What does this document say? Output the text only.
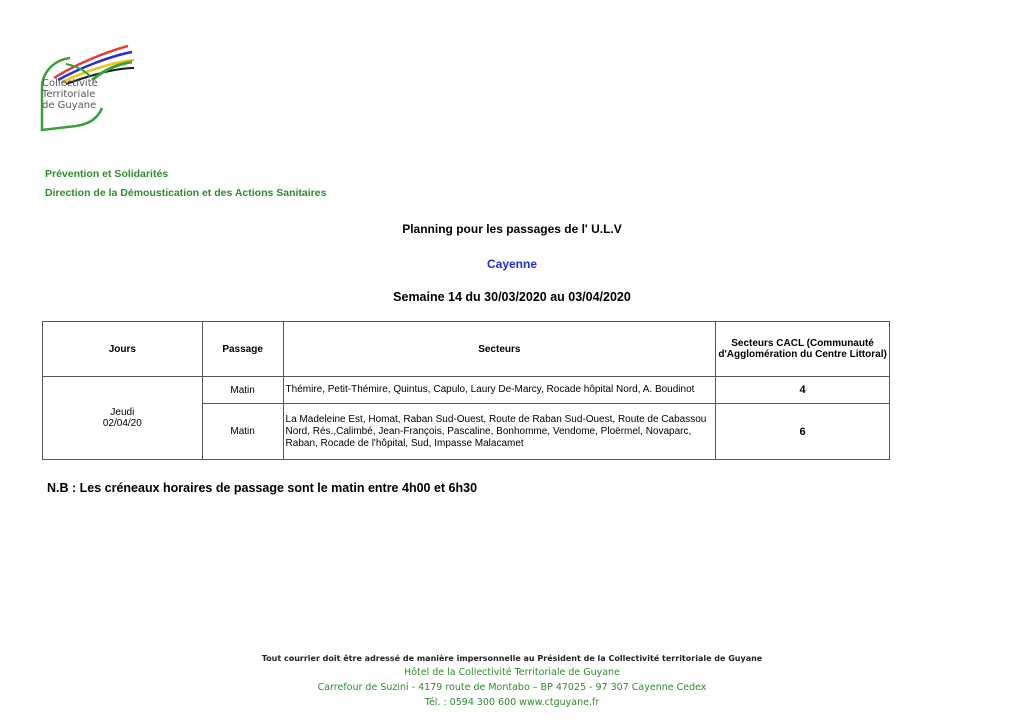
Collectivité
Territoriale
de Guyane
Prévention et Solidarités
Direction de la Démoustication et des Actions Sanitaires
Planning pour les passages de l' U.L.V
Cayenne
Semaine 14 du 30/03/2020 au 03/04/2020
Jours	Passage	Secteurs	Secteurs CACL (Communauté d'Agglomération du Centre Littoral)

Jeudi
02/04/20	Matin	Thémire, Petit-Thémire, Quintus, Capulo, Laury De-Marcy, Rocade hôpital Nord, A. Boudinot	4
	Matin	La Madeleine Est, Homat, Raban Sud-Ouest, Route de Raban Sud-Ouest, Route de Cabassou Nord, Rés.,Calimbé, Jean-François, Pascaline, Bonhomme, Vendome, Ploërmel, Novaparc, Raban, Rocade de l'hôpital, Sud, Impasse Malacamet	6
N.B : Les créneaux horaires de passage sont le matin entre 4h00 et 6h30
Tout courrier doit être adressé de manière impersonnelle au Président de la Collectivité territoriale de Guyane
Hôtel de la Collectivité Territoriale de Guyane
Carrefour de Suzini - 4179 route de Montabo – BP 47025 - 97 307 Cayenne Cedex
Tél. : 0594 300 600 www.ctguyane.fr
